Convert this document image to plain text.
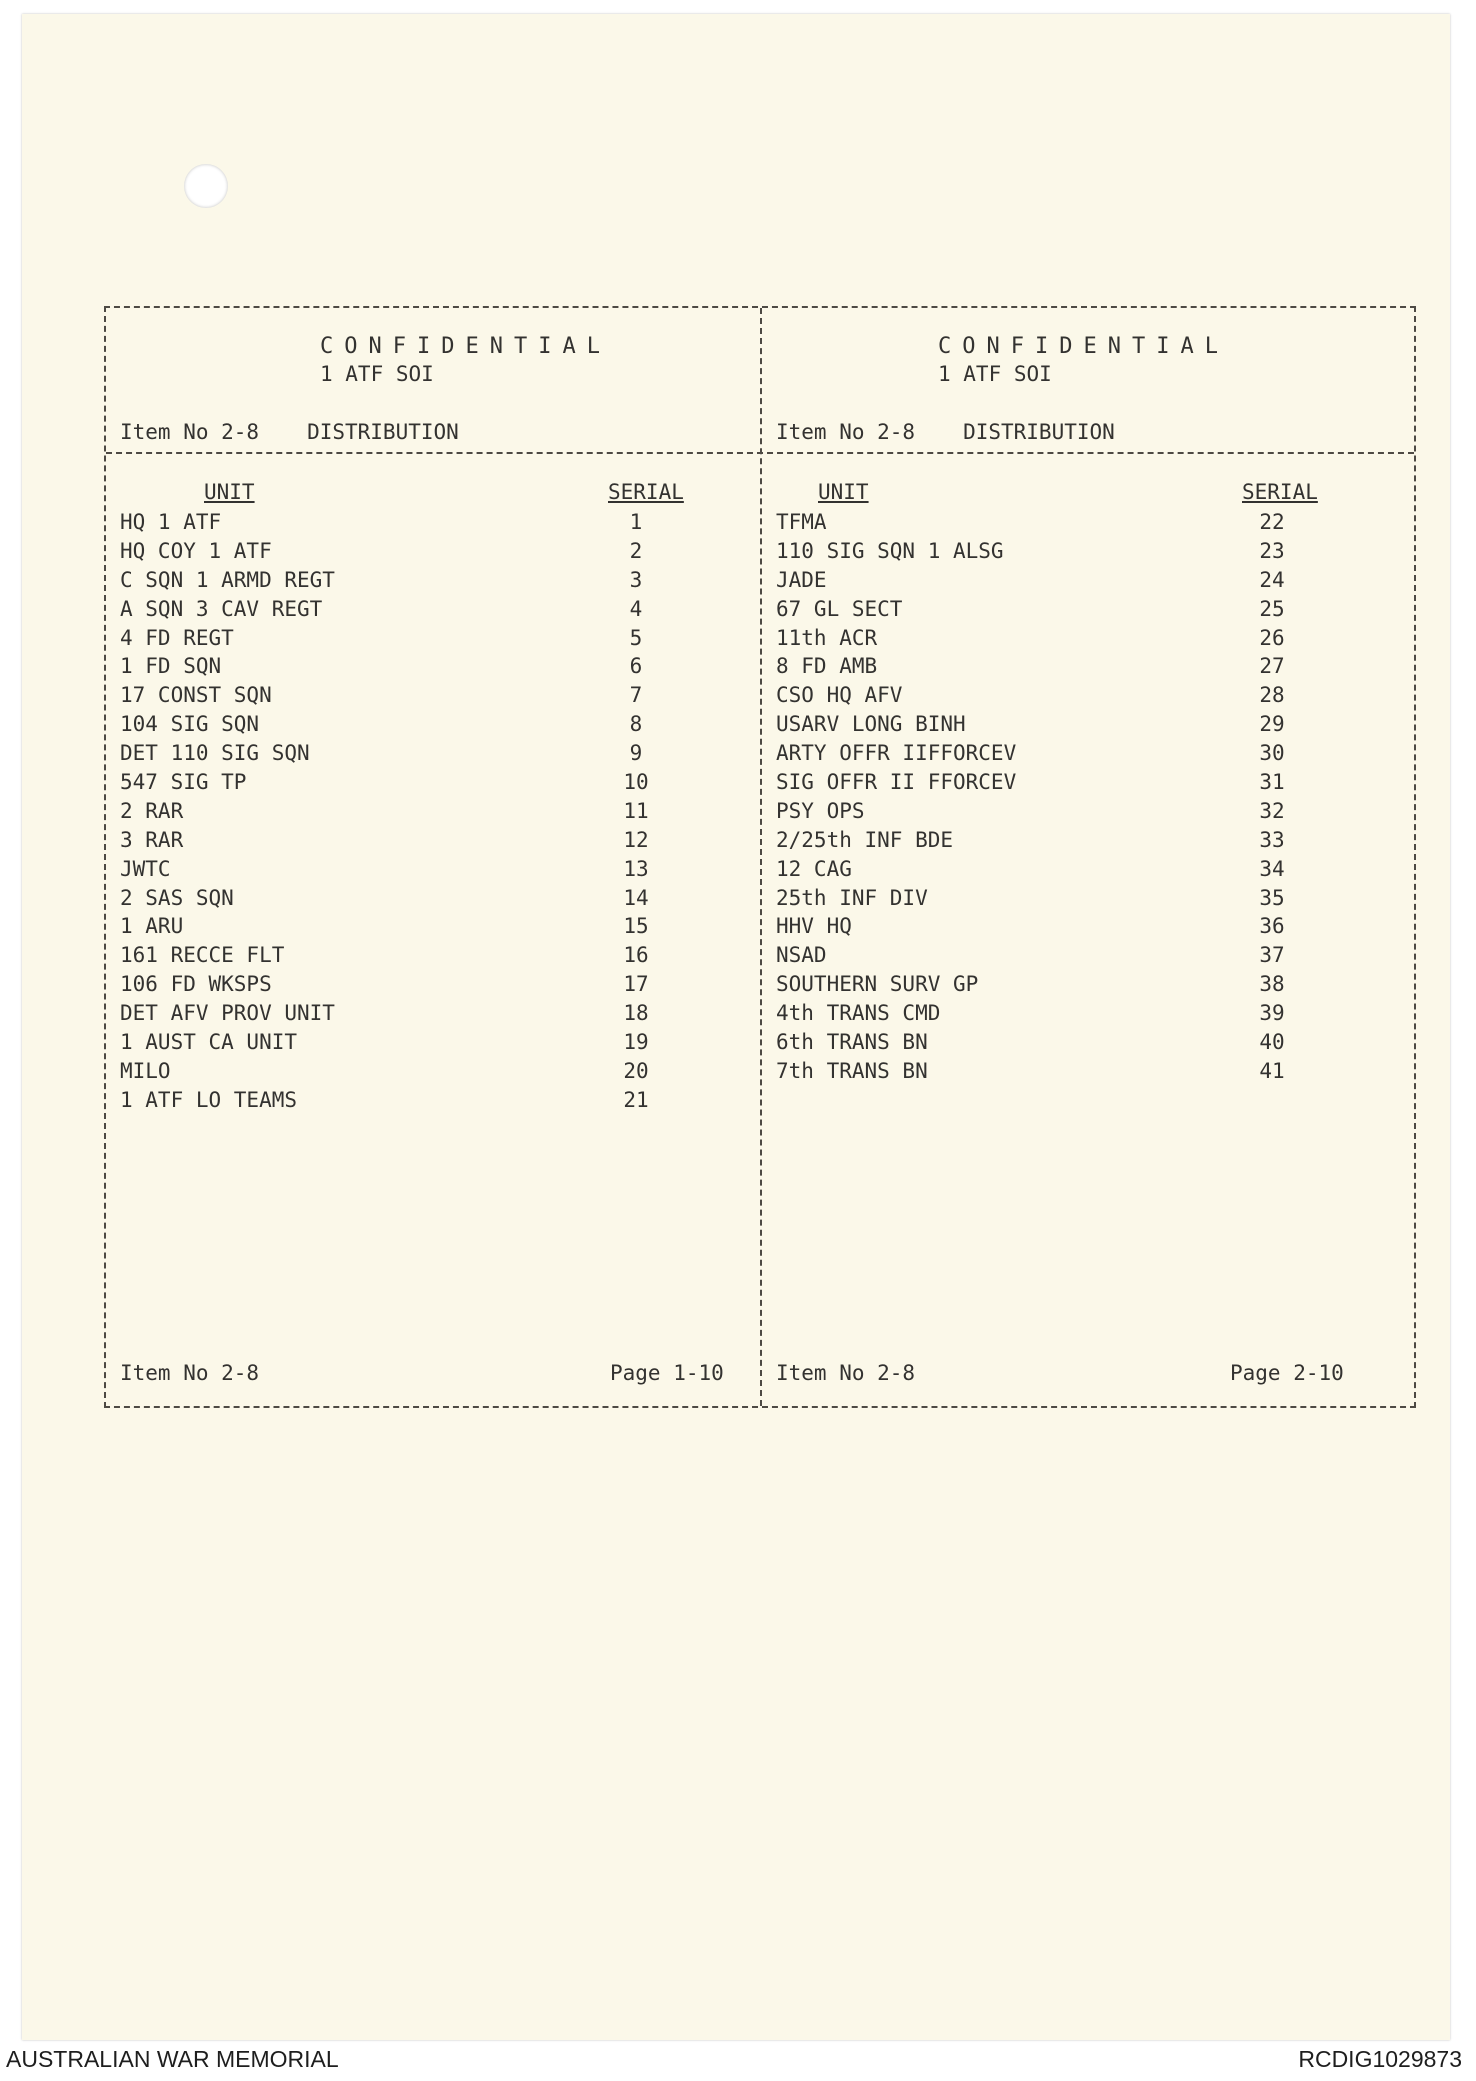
CONFIDENTIAL
1 ATF SOI
Item No 2-8 DISTRIBUTION
UNIT	SERIAL
HQ 1 ATF	1
HQ COY 1 ATF	2
C SQN 1 ARMD REGT	3
A SQN 3 CAV REGT	4
4 FD REGT	5
1 FD SQN	6
17 CONST SQN	7
104 SIG SQN	8
DET 110 SIG SQN	9
547 SIG TP	10
2 RAR	11
3 RAR	12
JWTC	13
2 SAS SQN	14
1 ARU	15
161 RECCE FLT	16
106 FD WKSPS	17
DET AFV PROV UNIT	18
1 AUST CA UNIT	19
MILO	20
1 ATF LO TEAMS	21
Item No 2-8	Page 1-10
CONFIDENTIAL
1 ATF SOI
Item No 2-8 DISTRIBUTION
UNIT	SERIAL
TFMA	22
110 SIG SQN 1 ALSG	23
JADE	24
67 GL SECT	25
11th ACR	26
8 FD AMB	27
CSO HQ AFV	28
USARV LONG BINH	29
ARTY OFFR IIFFORCEV	30
SIG OFFR II FFORCEV	31
PSY OPS	32
2/25th INF BDE	33
12 CAG	34
25th INF DIV	35
HHV HQ	36
NSAD	37
SOUTHERN SURV GP	38
4th TRANS CMD	39
6th TRANS BN	40
7th TRANS BN	41
Item No 2-8	Page 2-10
AUSTRALIAN WAR MEMORIAL	RCDIG1029873
